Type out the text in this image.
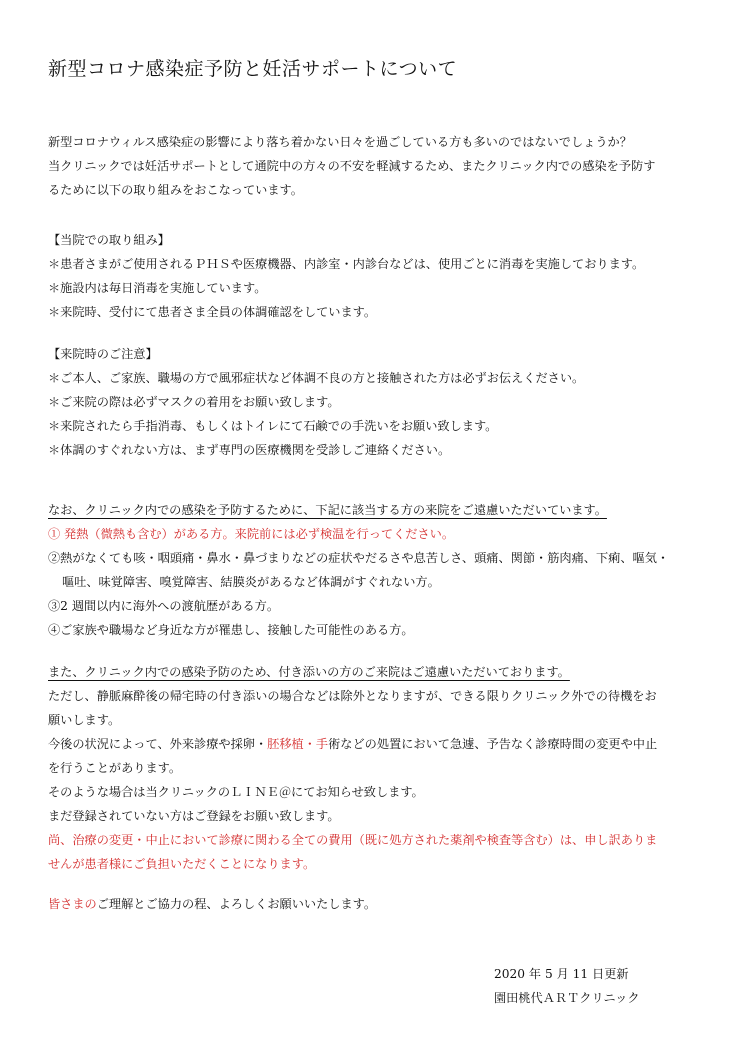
新型コロナ感染症予防と妊活サポートについて
新型コロナウィルス感染症の影響により落ち着かない日々を過ごしている方も多いのではないでしょうか？
当クリニックでは妊活サポートとして通院中の方々の不安を軽減するため、またクリニック内での感染を予防す
るために以下の取り組みをおこなっています。
【当院での取り組み】
＊患者さまがご使用されるＰＨＳや医療機器、内診室・内診台などは、使用ごとに消毒を実施しております。
＊施設内は毎日消毒を実施しています。
＊来院時、受付にて患者さま全員の体調確認をしています。
【来院時のご注意】
＊ご本人、ご家族、職場の方で風邪症状など体調不良の方と接触された方は必ずお伝えください。
＊ご来院の際は必ずマスクの着用をお願い致します。
＊来院されたら手指消毒、もしくはトイレにて石鹸での手洗いをお願い致します。
＊体調のすぐれない方は、まず専門の医療機関を受診しご連絡ください。
なお、クリニック内での感染を予防するために、下記に該当する方の来院をご遠慮いただいています。
① 発熱（微熱も含む）がある方。来院前には必ず検温を行ってください。
②熱がなくても咳・咽頭痛・鼻水・鼻づまりなどの症状やだるさや息苦しさ、頭痛、関節・筋肉痛、下痢、嘔気・
嘔吐、味覚障害、嗅覚障害、結膜炎があるなど体調がすぐれない方。
③2 週間以内に海外への渡航歴がある方。
④ご家族や職場など身近な方が罹患し、接触した可能性のある方。
また、クリニック内での感染予防のため、付き添いの方のご来院はご遠慮いただいております。
ただし、静脈麻酔後の帰宅時の付き添いの場合などは除外となりますが、できる限りクリニック外での待機をお
願いします。
今後の状況によって、外来診療や採卵・胚移植・手術などの処置において急遽、予告なく診療時間の変更や中止
を行うことがあります。
そのような場合は当クリニックのＬＩＮＥ＠にてお知らせ致します。
まだ登録されていない方はご登録をお願い致します。
尚、治療の変更・中止において診療に関わる全ての費用（既に処方された薬剤や検査等含む）は、申し訳ありま
せんが患者様にご負担いただくことになります。
皆さまのご理解とご協力の程、よろしくお願いいたします。
2020 年 5 月 11 日更新
園田桃代ＡＲＴクリニック
